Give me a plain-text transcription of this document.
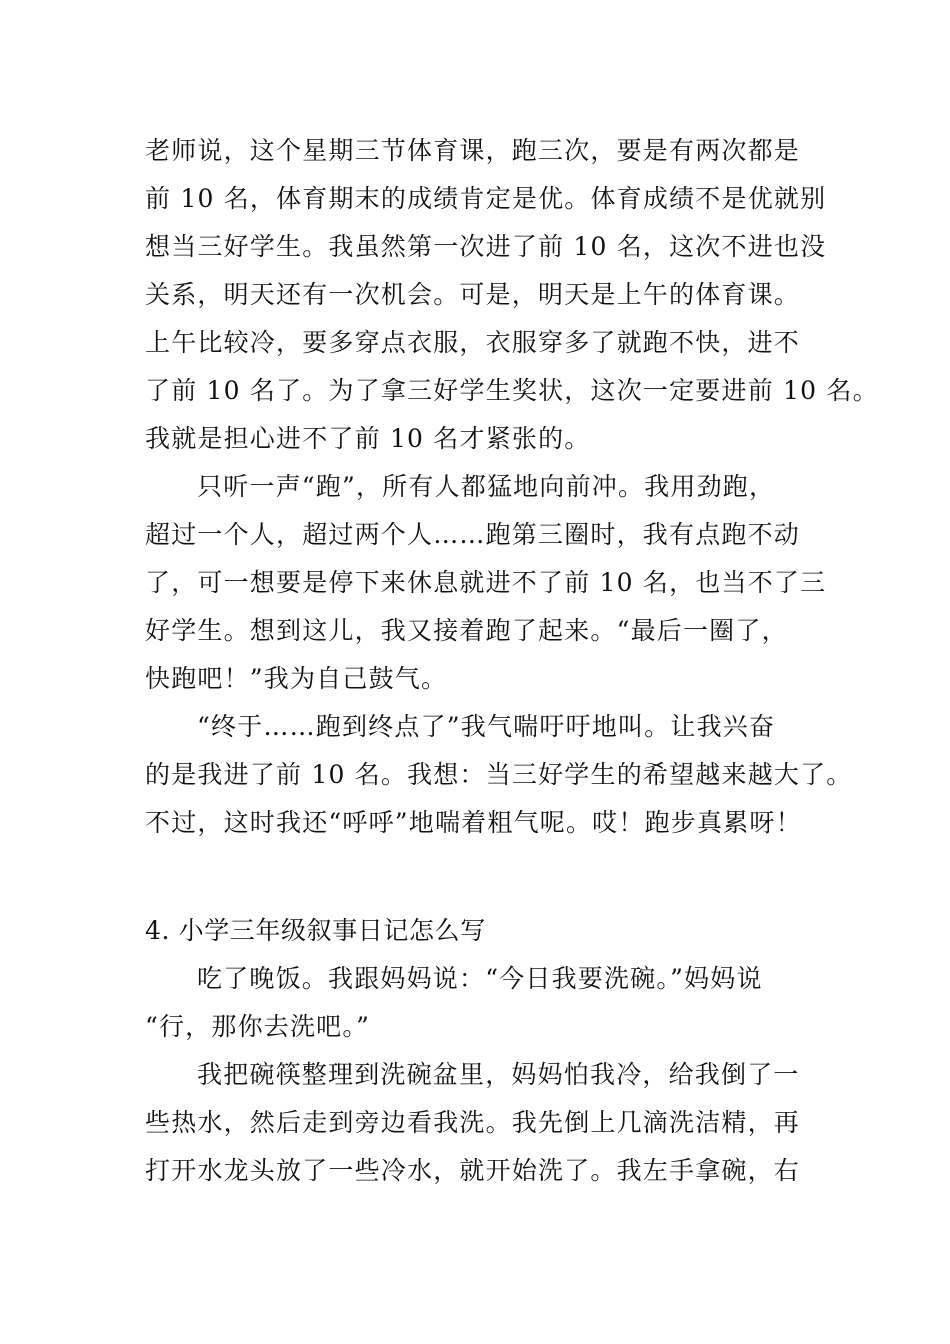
老师说，这个星期三节体育课，跑三次，要是有两次都是
前 10 名，体育期末的成绩肯定是优。体育成绩不是优就别
想当三好学生。我虽然第一次进了前 10 名，这次不进也没
关系，明天还有一次机会。可是，明天是上午的体育课。
上午比较冷，要多穿点衣服，衣服穿多了就跑不快，进不
了前 10 名了。为了拿三好学生奖状，这次一定要进前 10 名。
我就是担心进不了前 10 名才紧张的。
只听一声“跑”，所有人都猛地向前冲。我用劲跑，
超过一个人，超过两个人……跑第三圈时，我有点跑不动
了，可一想要是停下来休息就进不了前 10 名，也当不了三
好学生。想到这儿，我又接着跑了起来。“最后一圈了，
快跑吧！”我为自己鼓气。
“终于……跑到终点了”我气喘吁吁地叫。让我兴奋
的是我进了前 10 名。我想：当三好学生的希望越来越大了。
不过，这时我还“呼呼”地喘着粗气呢。哎！跑步真累呀！
4. 小学三年级叙事日记怎么写
吃了晚饭。我跟妈妈说：“今日我要洗碗。”妈妈说
“行，那你去洗吧。”
我把碗筷整理到洗碗盆里，妈妈怕我冷，给我倒了一
些热水，然后走到旁边看我洗。我先倒上几滴洗洁精，再
打开水龙头放了一些冷水，就开始洗了。我左手拿碗，右
